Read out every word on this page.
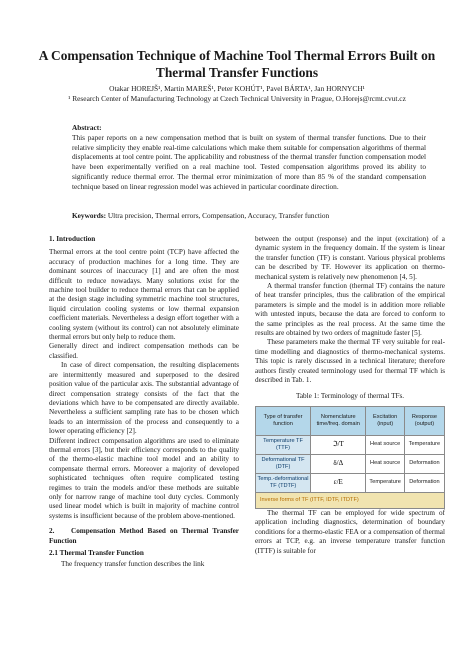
A Compensation Technique of Machine Tool Thermal Errors Built on Thermal Transfer Functions
Otakar HOREJŠ¹, Martin MAREŠ¹, Peter KOHÚT¹, Pavel BÁRTA¹, Jan HORNYCH¹
¹ Research Center of Manufacturing Technology at Czech Technical University in Prague, O.Horejs@rcmt.cvut.cz
Abstract:
This paper reports on a new compensation method that is built on system of thermal transfer functions. Due to their relative simplicity they enable real-time calculations which make them suitable for compensation algorithms of thermal displacements at tool centre point. The applicability and robustness of the thermal transfer function compensation model have been experimentally verified on a real machine tool. Tested compensation algorithms proved its ability to significantly reduce thermal error. The thermal error minimization of more than 85 % of the standard compensation technique based on linear regression model was achieved in particular coordinate direction.
Keywords: Ultra precision, Thermal errors, Compensation, Accuracy, Transfer function

1. Introduction

Thermal errors at the tool centre point (TCP) have affected the accuracy of production machines for a long time. They are dominant sources of inaccuracy [1] and are often the most difficult to reduce nowadays. Many solutions exist for the machine tool builder to reduce thermal errors that can be applied at the design stage including symmetric machine tool structures, liquid circulation cooling systems or low thermal expansion coefficient materials. Nevertheless a design effort together with a cooling system (without its control) can not absolutely eliminate thermal errors but only help to reduce them.

Generally direct and indirect compensation methods can be classified.

In case of direct compensation, the resulting displacements are intermittently measured and superposed to the desired position value of the particular axis. The substantial advantage of direct compensation strategy consists of the fact that the deviations which have to be compensated are directly available. Nevertheless a sufficient sampling rate has to be chosen which leads to an intermission of the process and consequently to a lower operating efficiency [2].

Different indirect compensation algorithms are used to eliminate thermal errors [3], but their efficiency corresponds to the quality of the thermo-elastic machine tool model and an ability to compensate thermal errors. Moreover a majority of developed sophisticated techniques often require complicated testing regimes to train the models and/or these methods are suitable only for narrow range of machine tool duty cycles. Commonly used linear model which is built in majority of machine control systems is insufficient because of the problem above-mentioned.

2. Compensation Method Based on Thermal Transfer Function

2.1 Thermal Transfer Function

The frequency transfer function describes the link

between the output (response) and the input (excitation) of a dynamic system in the frequency domain. If the system is linear the transfer function (TF) is constant. Various physical problems can be described by TF. However its application on thermo-mechanical system is relatively new phenomenon [4, 5].

A thermal transfer function (thermal TF) contains the nature of heat transfer principles, thus the calibration of the empirical parameters is simple and the model is in addition more reliable with untested inputs, because the data are forced to conform to the same principles as the real process. At the same time the results are obtained by two orders of magnitude faster [5].

These parameters make the thermal TF very suitable for real-time modelling and diagnostics of thermo-mechanical systems. This topic is rarely discussed in a technical literature; therefore authors firstly created terminology used for thermal TF which is described in Tab. 1.

Table 1: Terminology of thermal TFs.
Type of transfer function	Nomenclature time/freq. domain	Excitation (input)	Response (output)
Temperature TF (TTF)	ℑ/T	Heat source	Temperature
Deformational TF (DTF)	δ/Δ	Heat source	Deformation
Temp.-deformational TF (TDTF)	ε/E	Temperature	Deformation
Inverse forms of TF (ITTF, IDTF, ITDTF)			

The thermal TF can be employed for wide spectrum of application including diagnostics, determination of boundary conditions for a thermo-elastic FEA or a compensation of thermal errors at TCP, e.g. an inverse temperature transfer function (ITTF) is suitable for
